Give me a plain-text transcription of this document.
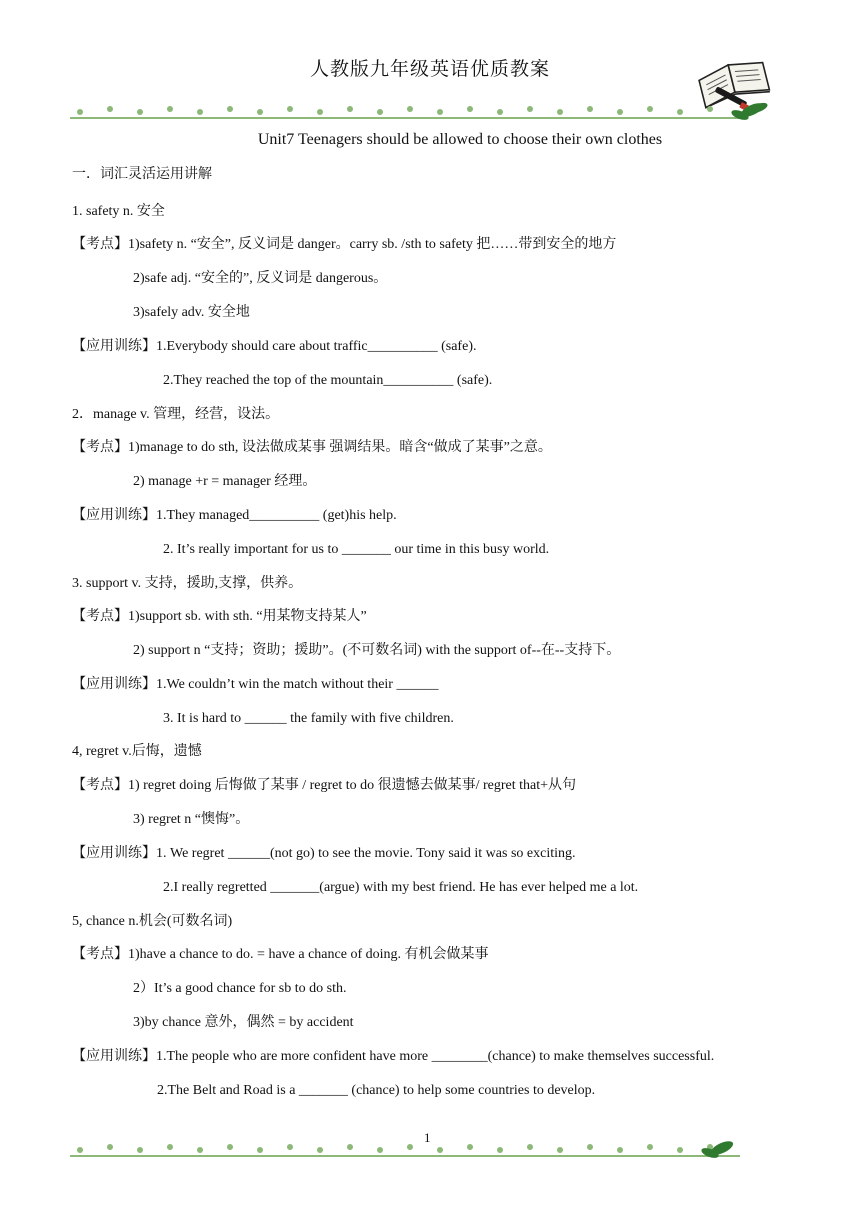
人教版九年级英语优质教案
Unit7 Teenagers should be allowed to choose their own clothes
一．词汇灵活运用讲解
1. safety n. 安全
【考点】1)safety n. “安全”, 反义词是 danger。carry sb. /sth to safety 把……带到安全的地方
2)safe adj. “安全的”, 反义词是 dangerous。
3)safely adv. 安全地
【应用训练】1.Everybody should care about traffic__________ (safe).
2.They reached the top of the mountain__________ (safe).
2．manage v. 管理，经营，设法。
【考点】1)manage to do sth, 设法做成某事 强调结果。暗含“做成了某事”之意。
2) manage +r = manager 经理。
【应用训练】1.They managed__________ (get)his help.
2. It’s really important for us to _______ our time in this busy world.
3. support v. 支持，援助,支撑，供养。
【考点】1)support sb. with sth. “用某物支持某人”
2) support n “支持；资助；援助”。(不可数名词) with the support of--在--支持下。
【应用训练】1.We couldn’t win the match without their ______
3. It is hard to ______ the family with five children.
4, regret v.后悔，遗憾
【考点】1) regret doing 后悔做了某事 / regret to do 很遗憾去做某事/ regret that+从句
3) regret n “懊悔”。
【应用训练】1. We regret ______(not go) to see the movie. Tony said it was so exciting.
2.I really regretted _______(argue) with my best friend. He has ever helped me a lot.
5, chance n.机会(可数名词)
【考点】1)have a chance to do. = have a chance of doing. 有机会做某事
2）It’s a good chance for sb to do sth.
3)by chance 意外，偶然 = by accident
【应用训练】1.The people who are more confident have more ________(chance) to make themselves successful.
2.The Belt and Road is a _______ (chance) to help some countries to develop.
1
